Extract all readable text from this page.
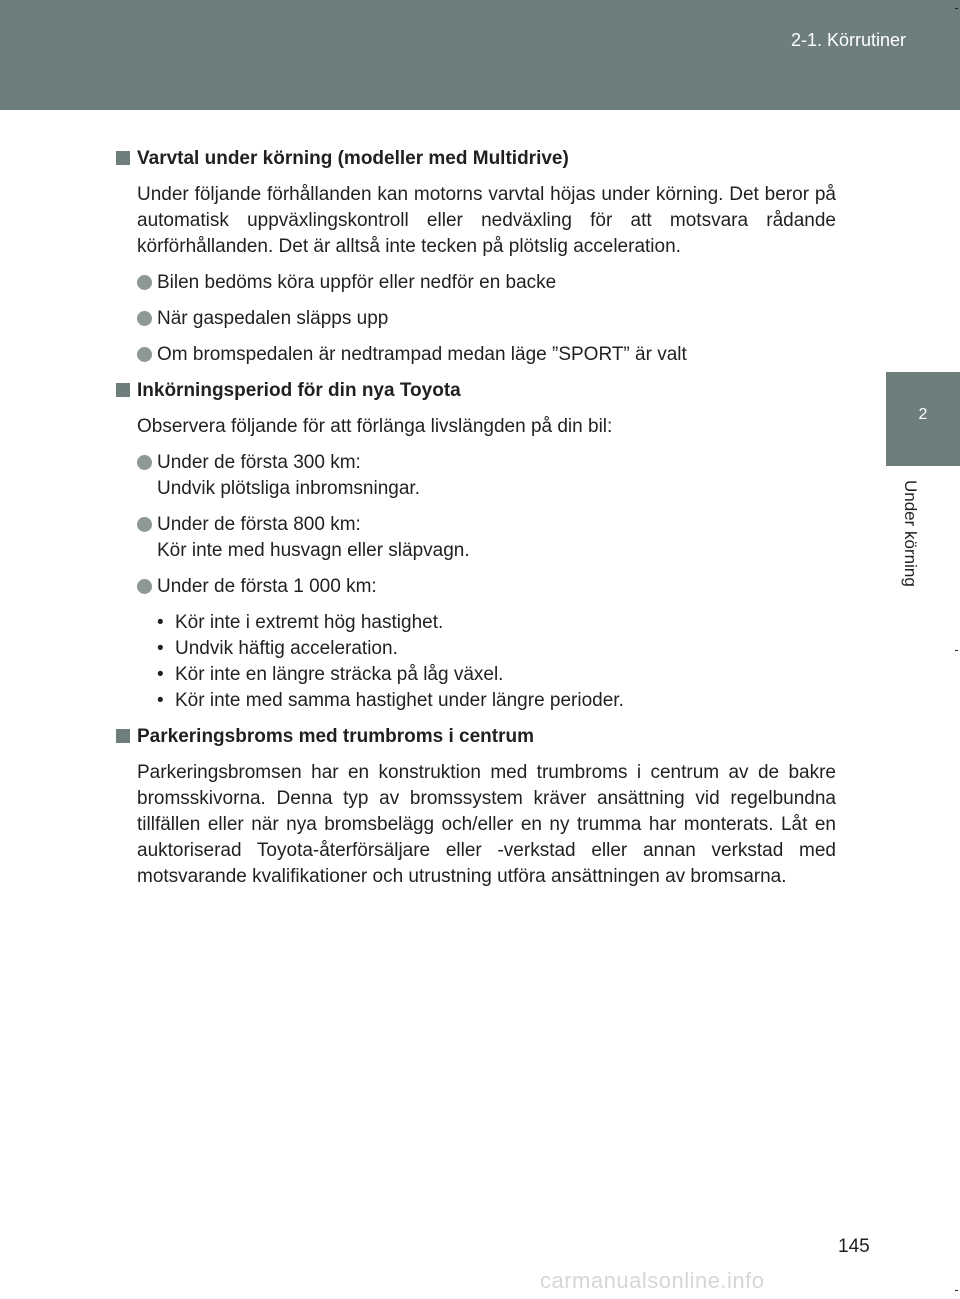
2-1. Körrutiner
2
Under körning
Varvtal under körning (modeller med Multidrive)
Under följande förhållanden kan motorns varvtal höjas under körning. Det beror på automatisk uppväxlingskontroll eller nedväxling för att motsvara rådande körförhållanden. Det är alltså inte tecken på plötslig acceleration.
Bilen bedöms köra uppför eller nedför en backe
När gaspedalen släpps upp
Om bromspedalen är nedtrampad medan läge ”SPORT” är valt
Inkörningsperiod för din nya Toyota
Observera följande för att förlänga livslängden på din bil:
Under de första 300 km:
Undvik plötsliga inbromsningar.
Under de första 800 km:
Kör inte med husvagn eller släpvagn.
Under de första 1 000 km:
• Kör inte i extremt hög hastighet.
• Undvik häftig acceleration.
• Kör inte en längre sträcka på låg växel.
• Kör inte med samma hastighet under längre perioder.
Parkeringsbroms med trumbroms i centrum
Parkeringsbromsen har en konstruktion med trumbroms i centrum av de bakre bromsskivorna. Denna typ av bromssystem kräver ansättning vid regelbundna tillfällen eller när nya bromsbelägg och/eller en ny trumma har monterats. Låt en auktoriserad Toyota-återförsäljare eller -verkstad eller annan verkstad med motsvarande kvalifikationer och utrustning utföra ansättningen av bromsarna.
145
carmanualsonline.info
